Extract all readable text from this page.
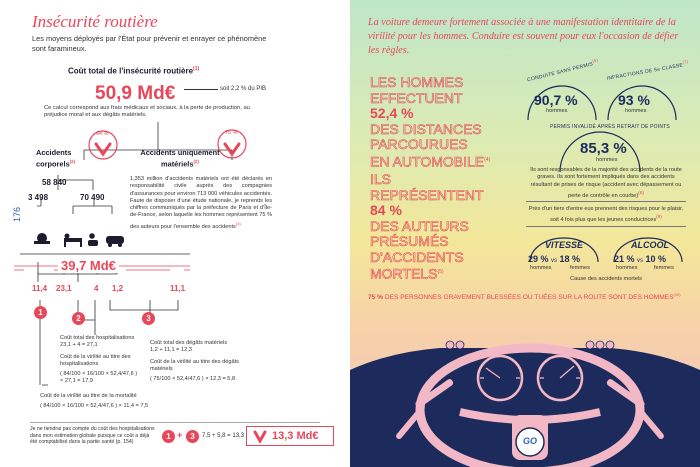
176
Insécurité routière
Les moyens déployés par l'État pour prévenir et enrayer ce phénomène sont faramineux.
Coût total de l'insécurité routière$^{(1)}$
50,9 Md€	soit 2,2 % du PIB
Ce calcul correspond aux frais médicaux et sociaux, à la perte de production, au préjudice moral et aux dégâts matériels.
64 %	75 %
Accidents corporels$^{(2)}$
Accidents uniquement matériels$^{(2)}$
58 840
3 498	70 490
1,353 million d'accidents matériels ont été déclarés en responsabilité civile auprès des compagnies d'assurances pour environ 713 000 véhicules accidentés. Faute de disposer d'une étude nationale, je reprends les chiffres communiqués par la préfecture de Paris et d'Île-de-France, selon laquelle les hommes représentent 75 % des auteurs pour l'ensemble des accidents$^{(3)}$
39,7 Md€
11,4 23,1	4 1,2	11,1
1
2	3
Coût total des hospitalisations
23,1 + 4 = 27,1
Coût de la virilité au titre des hospitalisations
( 84/100 × 16/100 × 52,4/47,6 ) × 27,1 = 17,9
Coût total des dégâts matériels
1,2 + 11,1 = 12,3
Coût de la virilité au titre des dégâts matériels
( 75/100 × 52,4/47,6 ) × 12,3 = 5,8
Coût de la virilité au titre de la mortalité
( 84/100 × 16/100 × 52,4/47,6 ) × 11,4 = 7,5
Je ne tiendrai pas compte du coût des hospitalisations dans mon estimation globale puisque ce coût a déjà été comptabilisé dans la partie santé (p. 154)
1 +	3	7,5 + 5,8 = 13,3	13,3 Md€
La voiture demeure fortement associée à une manifestation identitaire de la virilité pour les hommes. Conduire est souvent pour eux l'occasion de défier les règles.
LES HOMMES
EFFECTUENT
52,4 %
DES DISTANCES
PARCOURUES
EN AUTOMOBILE$^{(4)}$
ILS
REPRÉSENTENT
84 %
DES AUTEURS
PRÉSUMÉS
D'ACCIDENTS
MORTELS$^{(5)}$
CONDUITE SANS PERMIS$^{(6)}$
90,7 %
hommes
INFRACTIONS DE 5e CLASSE$^{(7)}$
93 %
hommes
PERMIS INVALIDÉ APRÈS RETRAIT DE POINTS
85,3 %
hommes
Ils sont responsables de la majorité des accidents de la route graves. Ils sont fortement impliqués dans des accidents résultant de prises de risque (accident avec dépassement ou perte de contrôle en courbe)$^{(8)}$
Près d'un tiers d'entre eux prennent des risques pour le plaisir, soit 4 fois plus que les jeunes conductrices$^{(9)}$
VITESSE	ALCOOL
29 % vs 18 %
hommes	femmes
21 % vs 10 %
hommes	femmes
Cause des accidents mortels
75 % DES PERSONNES GRAVEMENT BLESSÉES OU TUÉES SUR LA ROUTE SONT DES HOMMES$^{(10)}$
GO
